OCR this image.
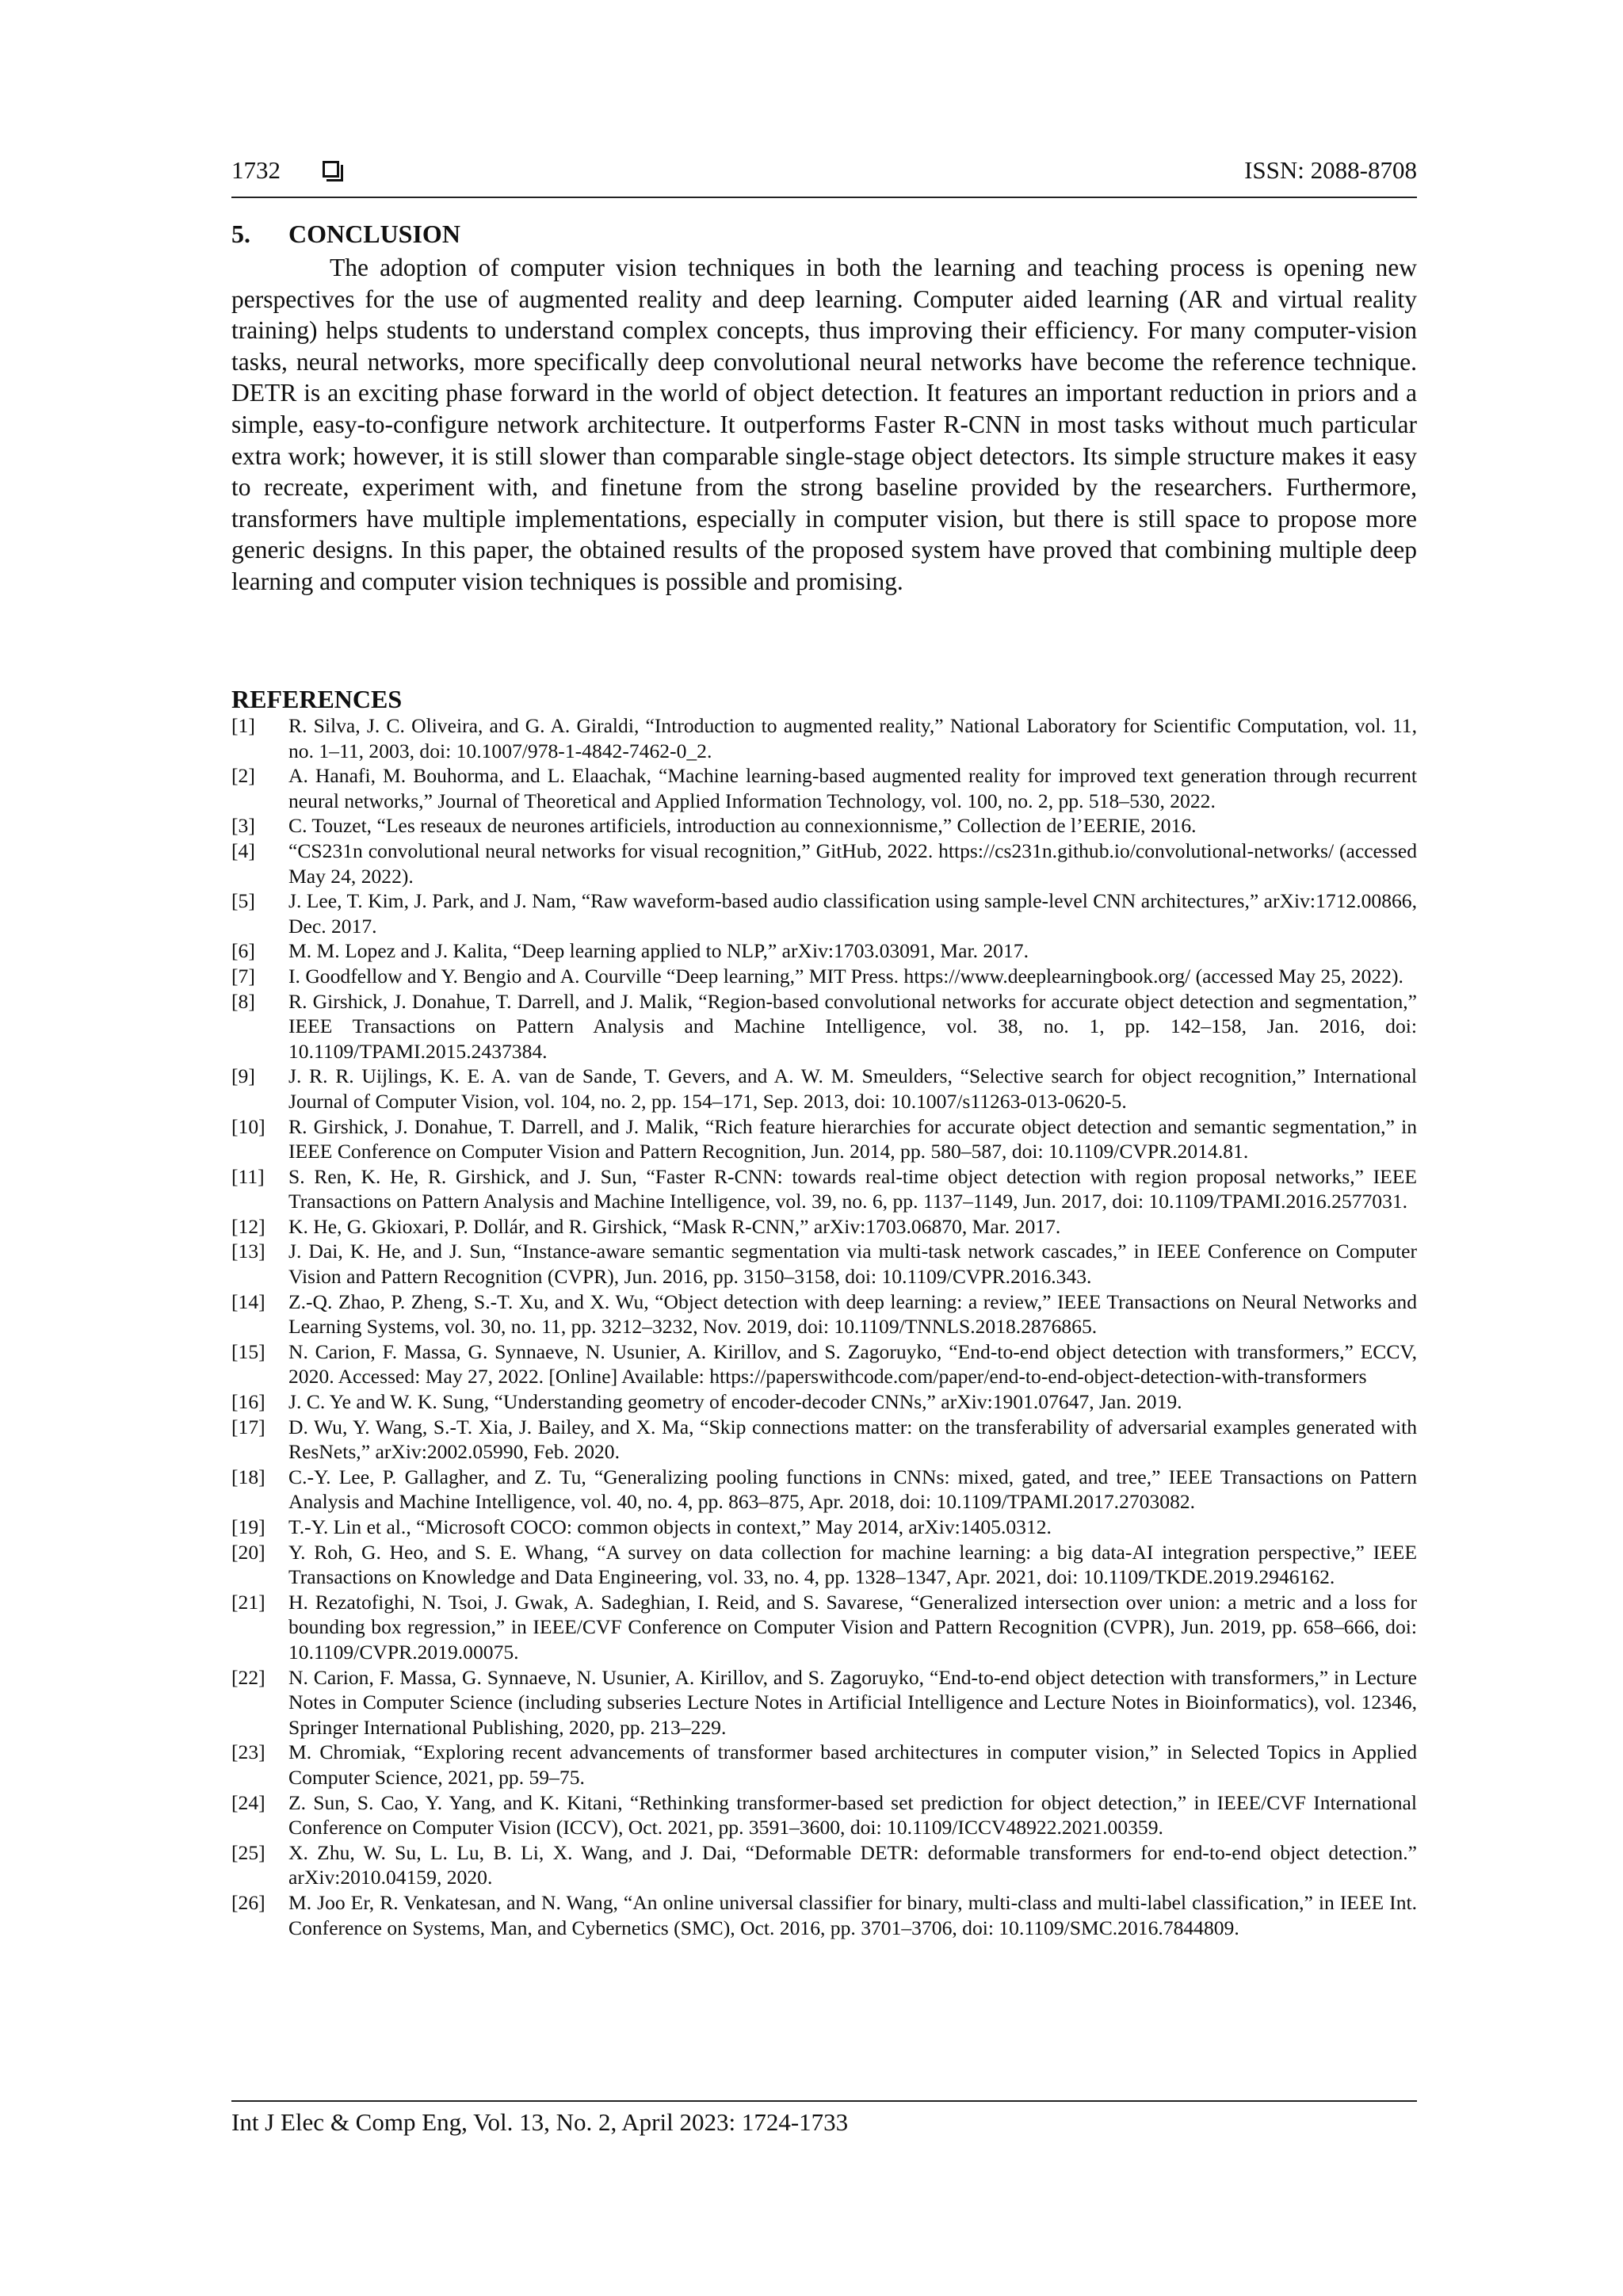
1732	ISSN: 2088-8708
5. CONCLUSION

The adoption of computer vision techniques in both the learning and teaching process is opening new perspectives for the use of augmented reality and deep learning. Computer aided learning (AR and virtual reality training) helps students to understand complex concepts, thus improving their efficiency. For many computer-vision tasks, neural networks, more specifically deep convolutional neural networks have become the reference technique. DETR is an exciting phase forward in the world of object detection. It features an important reduction in priors and a simple, easy-to-configure network architecture. It outperforms Faster R-CNN in most tasks without much particular extra work; however, it is still slower than comparable single-stage object detectors. Its simple structure makes it easy to recreate, experiment with, and finetune from the strong baseline provided by the researchers. Furthermore, transformers have multiple implementations, especially in computer vision, but there is still space to propose more generic designs. In this paper, the obtained results of the proposed system have proved that combining multiple deep learning and computer vision techniques is possible and promising.

REFERENCES
[1] R. Silva, J. C. Oliveira, and G. A. Giraldi, “Introduction to augmented reality,” National Laboratory for Scientific Computation, vol. 11, no. 1–11, 2003, doi: 10.1007/978-1-4842-7462-0_2.
[2] A. Hanafi, M. Bouhorma, and L. Elaachak, “Machine learning-based augmented reality for improved text generation through recurrent neural networks,” Journal of Theoretical and Applied Information Technology, vol. 100, no. 2, pp. 518–530, 2022.
[3] C. Touzet, “Les reseaux de neurones artificiels, introduction au connexionnisme,” Collection de l’EERIE, 2016.
[4] “CS231n convolutional neural networks for visual recognition,” GitHub, 2022. https://cs231n.github.io/convolutional-networks/ (accessed May 24, 2022).
[5] J. Lee, T. Kim, J. Park, and J. Nam, “Raw waveform-based audio classification using sample-level CNN architectures,” arXiv:1712.00866, Dec. 2017.
[6] M. M. Lopez and J. Kalita, “Deep learning applied to NLP,” arXiv:1703.03091, Mar. 2017.
[7] I. Goodfellow and Y. Bengio and A. Courville “Deep learning,” MIT Press. https://www.deeplearningbook.org/ (accessed May 25, 2022).
[8] R. Girshick, J. Donahue, T. Darrell, and J. Malik, “Region-based convolutional networks for accurate object detection and segmentation,” IEEE Transactions on Pattern Analysis and Machine Intelligence, vol. 38, no. 1, pp. 142–158, Jan. 2016, doi: 10.1109/TPAMI.2015.2437384.
[9] J. R. R. Uijlings, K. E. A. van de Sande, T. Gevers, and A. W. M. Smeulders, “Selective search for object recognition,” International Journal of Computer Vision, vol. 104, no. 2, pp. 154–171, Sep. 2013, doi: 10.1007/s11263-013-0620-5.
[10] R. Girshick, J. Donahue, T. Darrell, and J. Malik, “Rich feature hierarchies for accurate object detection and semantic segmentation,” in IEEE Conference on Computer Vision and Pattern Recognition, Jun. 2014, pp. 580–587, doi: 10.1109/CVPR.2014.81.
[11] S. Ren, K. He, R. Girshick, and J. Sun, “Faster R-CNN: towards real-time object detection with region proposal networks,” IEEE Transactions on Pattern Analysis and Machine Intelligence, vol. 39, no. 6, pp. 1137–1149, Jun. 2017, doi: 10.1109/TPAMI.2016.2577031.
[12] K. He, G. Gkioxari, P. Dollár, and R. Girshick, “Mask R-CNN,” arXiv:1703.06870, Mar. 2017.
[13] J. Dai, K. He, and J. Sun, “Instance-aware semantic segmentation via multi-task network cascades,” in IEEE Conference on Computer Vision and Pattern Recognition (CVPR), Jun. 2016, pp. 3150–3158, doi: 10.1109/CVPR.2016.343.
[14] Z.-Q. Zhao, P. Zheng, S.-T. Xu, and X. Wu, “Object detection with deep learning: a review,” IEEE Transactions on Neural Networks and Learning Systems, vol. 30, no. 11, pp. 3212–3232, Nov. 2019, doi: 10.1109/TNNLS.2018.2876865.
[15] N. Carion, F. Massa, G. Synnaeve, N. Usunier, A. Kirillov, and S. Zagoruyko, “End-to-end object detection with transformers,” ECCV, 2020. Accessed: May 27, 2022. [Online] Available: https://paperswithcode.com/paper/end-to-end-object-detection-with-transformers
[16] J. C. Ye and W. K. Sung, “Understanding geometry of encoder-decoder CNNs,” arXiv:1901.07647, Jan. 2019.
[17] D. Wu, Y. Wang, S.-T. Xia, J. Bailey, and X. Ma, “Skip connections matter: on the transferability of adversarial examples generated with ResNets,” arXiv:2002.05990, Feb. 2020.
[18] C.-Y. Lee, P. Gallagher, and Z. Tu, “Generalizing pooling functions in CNNs: mixed, gated, and tree,” IEEE Transactions on Pattern Analysis and Machine Intelligence, vol. 40, no. 4, pp. 863–875, Apr. 2018, doi: 10.1109/TPAMI.2017.2703082.
[19] T.-Y. Lin et al., “Microsoft COCO: common objects in context,” May 2014, arXiv:1405.0312.
[20] Y. Roh, G. Heo, and S. E. Whang, “A survey on data collection for machine learning: a big data-AI integration perspective,” IEEE Transactions on Knowledge and Data Engineering, vol. 33, no. 4, pp. 1328–1347, Apr. 2021, doi: 10.1109/TKDE.2019.2946162.
[21] H. Rezatofighi, N. Tsoi, J. Gwak, A. Sadeghian, I. Reid, and S. Savarese, “Generalized intersection over union: a metric and a loss for bounding box regression,” in IEEE/CVF Conference on Computer Vision and Pattern Recognition (CVPR), Jun. 2019, pp. 658–666, doi: 10.1109/CVPR.2019.00075.
[22] N. Carion, F. Massa, G. Synnaeve, N. Usunier, A. Kirillov, and S. Zagoruyko, “End-to-end object detection with transformers,” in Lecture Notes in Computer Science (including subseries Lecture Notes in Artificial Intelligence and Lecture Notes in Bioinformatics), vol. 12346, Springer International Publishing, 2020, pp. 213–229.
[23] M. Chromiak, “Exploring recent advancements of transformer based architectures in computer vision,” in Selected Topics in Applied Computer Science, 2021, pp. 59–75.
[24] Z. Sun, S. Cao, Y. Yang, and K. Kitani, “Rethinking transformer-based set prediction for object detection,” in IEEE/CVF International Conference on Computer Vision (ICCV), Oct. 2021, pp. 3591–3600, doi: 10.1109/ICCV48922.2021.00359.
[25] X. Zhu, W. Su, L. Lu, B. Li, X. Wang, and J. Dai, “Deformable DETR: deformable transformers for end-to-end object detection.” arXiv:2010.04159, 2020.
[26] M. Joo Er, R. Venkatesan, and N. Wang, “An online universal classifier for binary, multi-class and multi-label classification,” in IEEE Int. Conference on Systems, Man, and Cybernetics (SMC), Oct. 2016, pp. 3701–3706, doi: 10.1109/SMC.2016.7844809.
Int J Elec & Comp Eng, Vol. 13, No. 2, April 2023: 1724-1733
